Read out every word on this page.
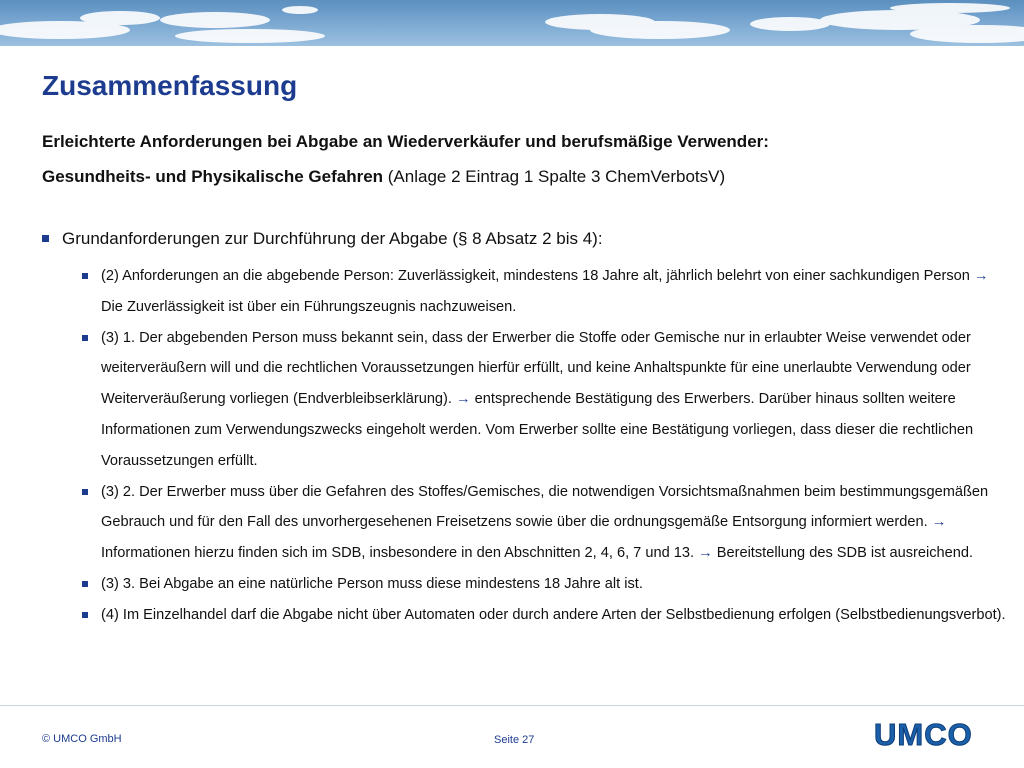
Zusammenfassung
Erleichterte Anforderungen bei Abgabe an Wiederverkäufer und berufsmäßige Verwender:
Gesundheits- und Physikalische Gefahren (Anlage 2 Eintrag 1 Spalte 3 ChemVerbotsV)
Grundanforderungen zur Durchführung der Abgabe (§ 8 Absatz 2 bis 4):
(2) Anforderungen an die abgebende Person: Zuverlässigkeit, mindestens 18 Jahre alt, jährlich belehrt von einer sachkundigen Person → Die Zuverlässigkeit ist über ein Führungszeugnis nachzuweisen.
(3) 1. Der abgebenden Person muss bekannt sein, dass der Erwerber die Stoffe oder Gemische nur in erlaubter Weise verwendet oder weiterveräußern will und die rechtlichen Voraussetzungen hierfür erfüllt, und keine Anhaltspunkte für eine unerlaubte Verwendung oder Weiterveräußerung vorliegen (Endverbleibserklärung). → entsprechende Bestätigung des Erwerbers. Darüber hinaus sollten weitere Informationen zum Verwendungszwecks eingeholt werden. Vom Erwerber sollte eine Bestätigung vorliegen, dass dieser die rechtlichen Voraussetzungen erfüllt.
(3) 2. Der Erwerber muss über die Gefahren des Stoffes/Gemisches, die notwendigen Vorsichtsmaßnahmen beim bestimmungsgemäßen Gebrauch und für den Fall des unvorhergesehenen Freisetzens sowie über die ordnungsgemäße Entsorgung informiert werden. → Informationen hierzu finden sich im SDB, insbesondere in den Abschnitten 2, 4, 6, 7 und 13. → Bereitstellung des SDB ist ausreichend.
(3) 3. Bei Abgabe an eine natürliche Person muss diese mindestens 18 Jahre alt ist.
(4) Im Einzelhandel darf die Abgabe nicht über Automaten oder durch andere Arten der Selbstbedienung erfolgen (Selbstbedienungsverbot).
© UMCO GmbH	Seite 27	UMCO
